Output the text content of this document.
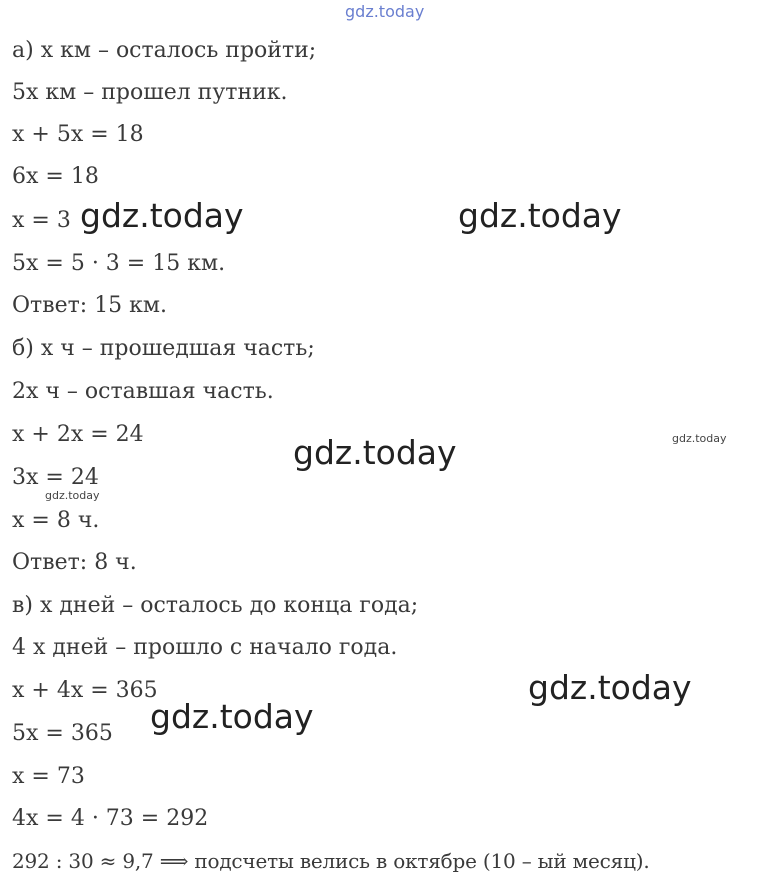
gdz.today
а) x км – осталось пройти;
5x км – прошел путник.
x + 5x = 18
6x = 18
x = 3
5x = 5 · 3 = 15 км.
Ответ: 15 км.
б) x ч – прошедшая часть;
2x ч – оставшая часть.
x + 2x = 24
3x = 24
x = 8 ч.
Ответ: 8 ч.
в) x дней – осталось до конца года;
4 x дней – прошло с начало года.
x + 4x = 365
5x = 365
x = 73
4x = 4 · 73 = 292
292 : 30 ≈ 9,7 ⟹ подсчеты велись в октябре (10 – ый месяц).
gdz.today	gdz.today
gdz.today
gdz.today
gdz.today
gdz.today
gdz.today
